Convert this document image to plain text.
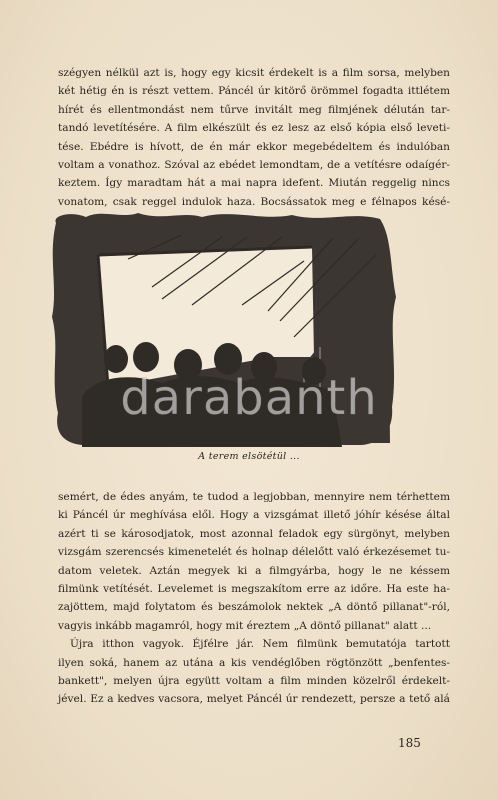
szégyen nélkül azt is, hogy egy kicsit érdekelt is a film sorsa, melyben
két hétig én is részt vettem. Páncél úr kitörő örömmel fogadta ittlétem
hírét és ellentmondást nem tűrve invitált meg filmjének délután tar-
tandó levetítésére. A film elkészült és ez lesz az első kópia első leveti-
tése. Ebédre is hívott, de én már ekkor megebédeltem és indulóban
voltam a vonathoz. Szóval az ebédet lemondtam, de a vetítésre odaígér-
keztem. Így maradtam hát a mai napra idefent. Miután reggelig nincs
vonatom, csak reggel indulok haza. Bocsássatok meg e félnapos késé-

A terem elsötétül ...
darabanth

semért, de édes anyám, te tudod a legjobban, mennyire nem térhettem
ki Páncél úr meghívása elől. Hogy a vizsgámat illető jóhír késése által
azért ti se károsodjatok, most azonnal feladok egy sürgönyt, melyben
vizsgám szerencsés kimenetelét és holnap délelőtt való érkezésemet tu-
datom veletek. Aztán megyek ki a filmgyárba, hogy le ne késsem
filmünk vetítését. Levelemet is megszakítom erre az időre. Ha este ha-
zajöttem, majd folytatom és beszámolok nektek „A döntő pillanat"-ról,
vagyis inkább magamról, hogy mit éreztem „A döntő pillanat" alatt ...
Újra itthon vagyok. Éjfélre jár. Nem filmünk bemutatója tartott
ilyen soká, hanem az utána a kis vendéglőben rögtönzött „benfentes-
bankett", melyen újra együtt voltam a film minden közelről érdekelt-
jével. Ez a kedves vacsora, melyet Páncél úr rendezett, persze a tető alá

185
